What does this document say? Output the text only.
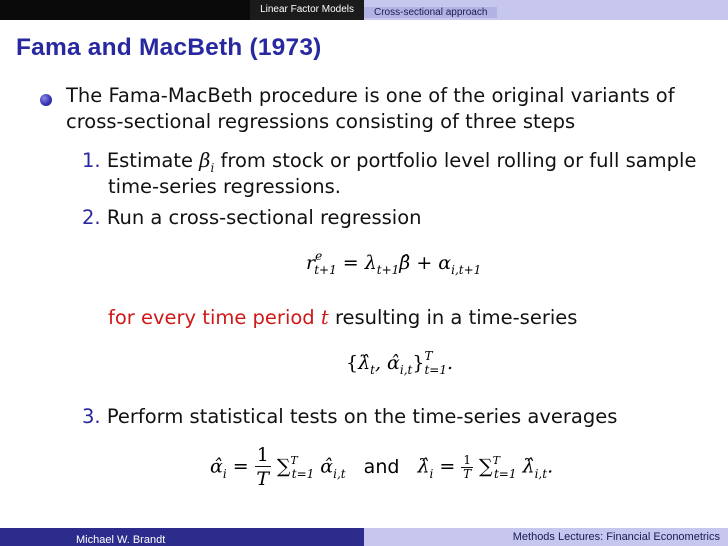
Linear Factor Models	Cross-sectional approach
Fama and MacBeth (1973)
The Fama-MacBeth procedure is one of the original variants of
cross-sectional regressions consisting of three steps
1. Estimate $\beta_i$ from stock or portfolio level rolling or full sample
time-series regressions.
2. Run a cross-sectional regression
$r^e_{t+1}$ = $\lambda_{t+1}\betâ + \alpha_{i,t+1}$
for every time period t resulting in a time-series
{$\lambdâ_t$, $\alphâ_{i,t}\}^T_{t=1}$.
3. Perform statistical tests on the time-series averages
$\alphâ_i = \frac{1}{T} \sum^T_{t=1}$ $\alphâ_{i,t}$ and $\lambdâ_i = \frac{1}{T} \sum^T_{t=1}$ $\lambdâ_{i,t}$.
Michael W. Brandt	Methods Lectures: Financial Econometrics
